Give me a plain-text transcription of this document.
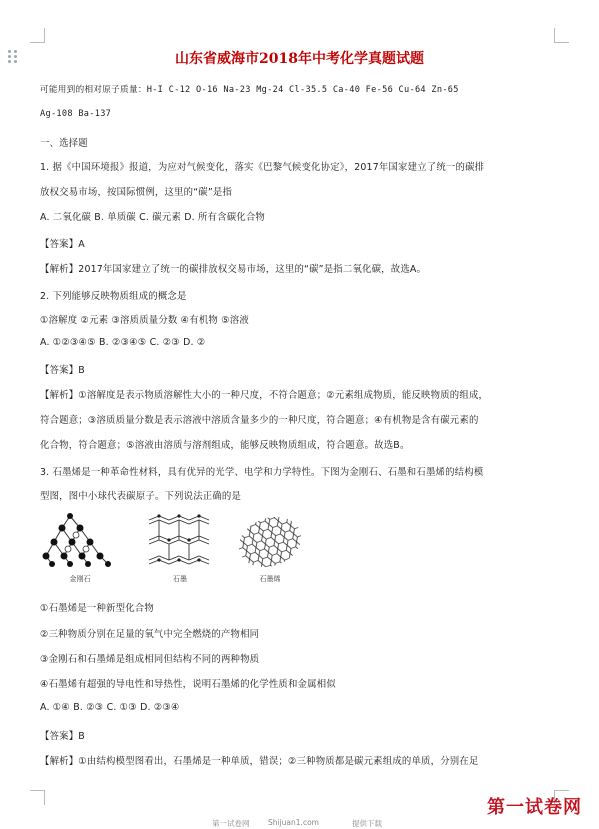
山东省威海市2018年中考化学真题试题
可能用到的相对原子质量：H-I C-12 O-16 Na-23 Mg-24 Cl-35.5 Ca-40 Fe-56 Cu-64 Zn-65
Ag-108 Ba-137
一、选择题
1. 据《中国环境报》报道，为应对气候变化，落实《巴黎气候变化协定》，2017年国家建立了统一的碳排
放权交易市场，按国际惯例，这里的“碳”是指
A. 二氧化碳 B. 单质碳 C. 碳元素 D. 所有含碳化合物
【答案】A
【解析】2017年国家建立了统一的碳排放权交易市场，这里的“碳”是指二氧化碳，故选A。
2. 下列能够反映物质组成的概念是
①溶解度 ②元素 ③溶质质量分数 ④有机物 ⑤溶液
A. ①②③④⑤ B. ②③④⑤ C. ②③ D. ②
【答案】B
【解析】①溶解度是表示物质溶解性大小的一种尺度，不符合题意；②元素组成物质，能反映物质的组成，
符合题意；③溶质质量分数是表示溶液中溶质含量多少的一种尺度，符合题意；④有机物是含有碳元素的
化合物，符合题意；⑤溶液由溶质与溶剂组成，能够反映物质组成，符合题意。故选B。
3. 石墨烯是一种革命性材料，具有优异的光学、电学和力学特性。下图为金刚石、石墨和石墨烯的结构模
型图，图中小球代表碳原子。下列说法正确的是
金刚石	石墨	石墨烯
①石墨烯是一种新型化合物
②三种物质分别在足量的氧气中完全燃烧的产物相同
③金刚石和石墨烯是组成相同但结构不同的两种物质
④石墨烯有超强的导电性和导热性，说明石墨烯的化学性质和金属相似
A. ①④ B. ②③ C. ①③ D. ②③④
【答案】B
【解析】①由结构模型图看出，石墨烯是一种单质，错误；②三种物质都是碳元素组成的单质，分别在足
第一试卷网 Shijuan1.com	提供下载
第一试卷网
